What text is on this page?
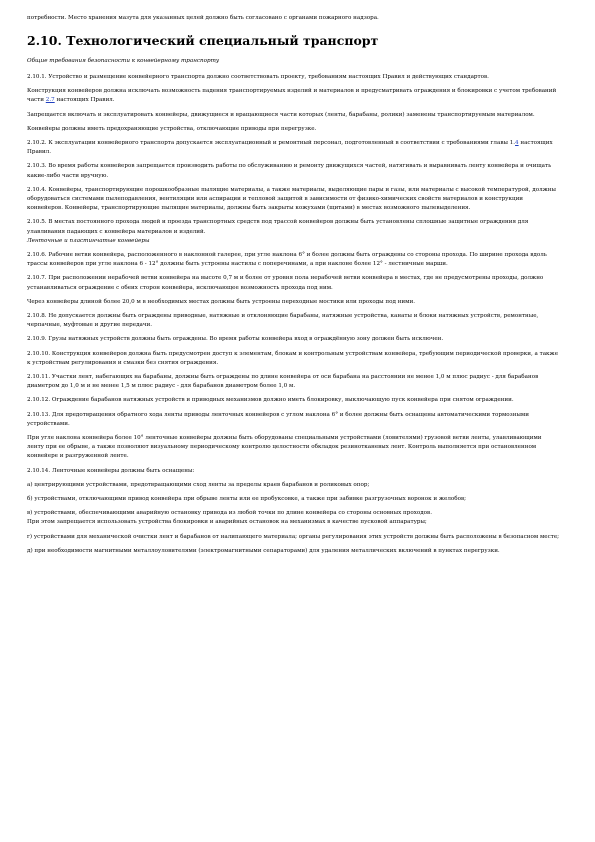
потребности. Место хранения мазута для указанных целей должно быть согласовано с органами пожарного надзора.

2.10. Технологический специальный транспорт

Общие требования безопасности к конвейерному транспорту

2.10.1. Устройство и размещение конвейерного транспорта должно соответствовать проекту, требованиям настоящих Правил и действующих стандартов.

Конструкция конвейеров должна исключать возможность падения транспортируемых изделий и материалов и предусматривать ограждения и блокировки с учетом требований части 2.7 настоящих Правил.

Запрещается включать и эксплуатировать конвейеры, движущиеся и вращающиеся части которых (ленты, барабаны, ролики) заменены транспортируемым материалом.

Конвейеры должны иметь предохраняющие устройства, отключающие приводы при перегрузке.

2.10.2. К эксплуатации конвейерного транспорта допускается эксплуатационный и ремонтный персонал, подготовленный в соответствии с требованиями главы 1.4 настоящих Правил.

2.10.3. Во время работы конвейеров запрещается производить работы по обслуживанию и ремонту движущихся частей, натягивать и выравнивать ленту конвейера и очищать какие-либо части вручную.

2.10.4. Конвейеры, транспортирующие порошкообразные пылящие материалы, а также материалы, выделяющие пары и газы, или материалы с высокой температурой, должны оборудоваться системами пылеподавления, вентиляции или аспирации и тепловой защитой в зависимости от физико-химических свойств материалов и конструкции конвейеров. Конвейеры, транспортирующие пылящие материалы, должны быть закрыты кожухами (щитами) в местах возможного пылевыделения.

2.10.5. В местах постоянного прохода людей и проезда транспортных средств под трассой конвейеров должны быть установлены сплошные защитные ограждения для улавливания падающих с конвейера материалов и изделий.

Ленточные и пластинчатые конвейеры

2.10.6. Рабочие ветви конвейера, расположенного в наклонной галерее, при угле наклона 6° и более должны быть ограждены со стороны прохода. По ширине прохода вдоль трассы конвейеров при угле наклона 6 - 12° должны быть устроены настилы с поперечинами, а при наклоне более 12° - лестничные марши.

2.10.7. При расположении нерабочей ветви конвейера на высоте 0,7 м и более от уровня пола нерабочей ветви конвейера в местах, где не предусмотрены проходы, должно устанавливаться ограждение с обеих сторон конвейера, исключающее возможность прохода под ним.

Через конвейеры длиной более 20,0 м в необходимых местах должны быть устроены переходные мостики или проходы под ними.

2.10.8. Не допускается должны быть ограждены приводные, натяжные и отклоняющие барабаны, натяжные устройства, канаты и блоки натяжных устройств, ремонтные, черпачные, муфтовые и другие передачи.

2.10.9. Грузы натяжных устройств должны быть ограждены. Во время работы конвейера вход в ограждённую зону должен быть исключен.

2.10.10. Конструкция конвейеров должна быть предусмотрен доступ к элементам, блокам и контрольным устройствам конвейера, требующим периодической проверки, а также к устройствам регулирования и смазки без снятия ограждения.

2.10.11. Участки лент, набегающих на барабаны, должны быть ограждены по длине конвейера от оси барабана на расстоянии не менее 1,0 м плюс радиус - для барабанов диаметром до 1,0 м и не менее 1,5 м плюс радиус - для барабанов диаметром более 1,0 м.

2.10.12. Ограждение барабанов натяжных устройств и приводных механизмов должно иметь блокировку, выключающую пуск конвейера при снятом ограждении.

2.10.13. Для предотвращения обратного хода ленты приводы ленточных конвейеров с углом наклона 6° и более должны быть оснащены автоматическими тормозными устройствами.

При угле наклона конвейера более 10° ленточные конвейеры должны быть оборудованы специальными устройствами (ловителями) грузовой ветви ленты, улавливающими ленту при ее обрыве, а также позволяют визуальному периодическому контролю целостности обкладок резинотканевых лент. Контроль выполняется при остановленном конвейере и разгруженной ленте.

2.10.14. Ленточные конвейеры должны быть оснащены:

а) центрирующими устройствами, предотвращающими сход ленты за пределы краев барабанов и роликовых опор;

б) устройствами, отключающими привод конвейера при обрыве ленты или ее пробуксовке, а также при забивке разгрузочных воронок и желобов;

в) устройствами, обеспечивающими аварийную остановку привода из любой точки по длине конвейера со стороны основных проходов.

При этом запрещается использовать устройства блокировки и аварийных остановок на механизмах в качестве пусковой аппаратуры;

г) устройствами для механической очистки лент и барабанов от налипающего материала; органы регулирования этих устройств должны быть расположены в безопасном месте;

д) при необходимости магнитными металлоуловителями (электромагнитными сепараторами) для удаления металлических включений в пунктах перегрузки.
